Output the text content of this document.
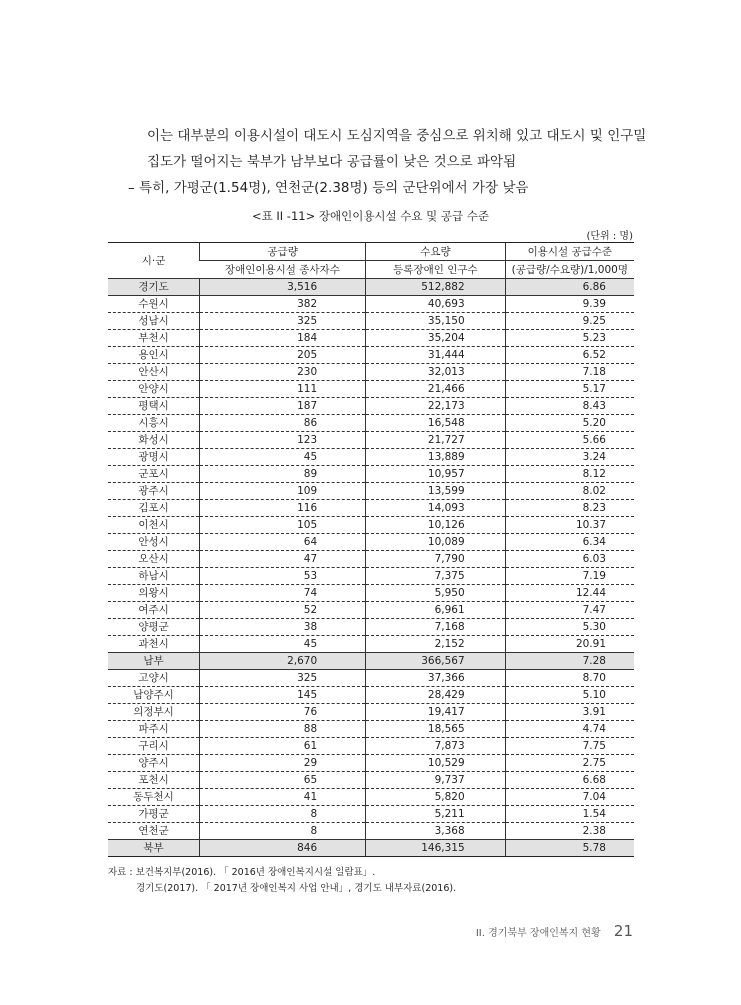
이는 대부분의 이용시설이 대도시 도심지역을 중심으로 위치해 있고 대도시 및 인구밀
집도가 떨어지는 북부가 남부보다 공급률이 낮은 것으로 파악됨
– 특히, 가평군(1.54명), 연천군(2.38명) 등의 군단위에서 가장 낮음
<표 II -11> 장애인이용시설 수요 및 공급 수준
(단위 : 명)
시·군	공급량	수요량	이용시설 공급수준
	장애인이용시설 종사자수	등록장애인 인구수	(공급량/수요량)/1,000명
경기도	3,516	512,882	6.86
수원시	382	40,693	9.39
성남시	325	35,150	9.25
부천시	184	35,204	5.23
용인시	205	31,444	6.52
안산시	230	32,013	7.18
안양시	111	21,466	5.17
평택시	187	22,173	8.43
시흥시	86	16,548	5.20
화성시	123	21,727	5.66
광명시	45	13,889	3.24
군포시	89	10,957	8.12
광주시	109	13,599	8.02
김포시	116	14,093	8.23
이천시	105	10,126	10.37
안성시	64	10,089	6.34
오산시	47	7,790	6.03
하남시	53	7,375	7.19
의왕시	74	5,950	12.44
여주시	52	6,961	7.47
양평군	38	7,168	5.30
과천시	45	2,152	20.91
남부	2,670	366,567	7.28
고양시	325	37,366	8.70
남양주시	145	28,429	5.10
의정부시	76	19,417	3.91
파주시	88	18,565	4.74
구리시	61	7,873	7.75
양주시	29	10,529	2.75
포천시	65	9,737	6.68
동두천시	41	5,820	7.04
가평군	8	5,211	1.54
연천군	8	3,368	2.38
북부	846	146,315	5.78
자료 : 보건복지부(2016). 「 2016년 장애인복지시설 일람표」.
경기도(2017). 「 2017년 장애인복지 사업 안내」, 경기도 내부자료(2016).
II. 경기북부 장애인복지 현황 21
